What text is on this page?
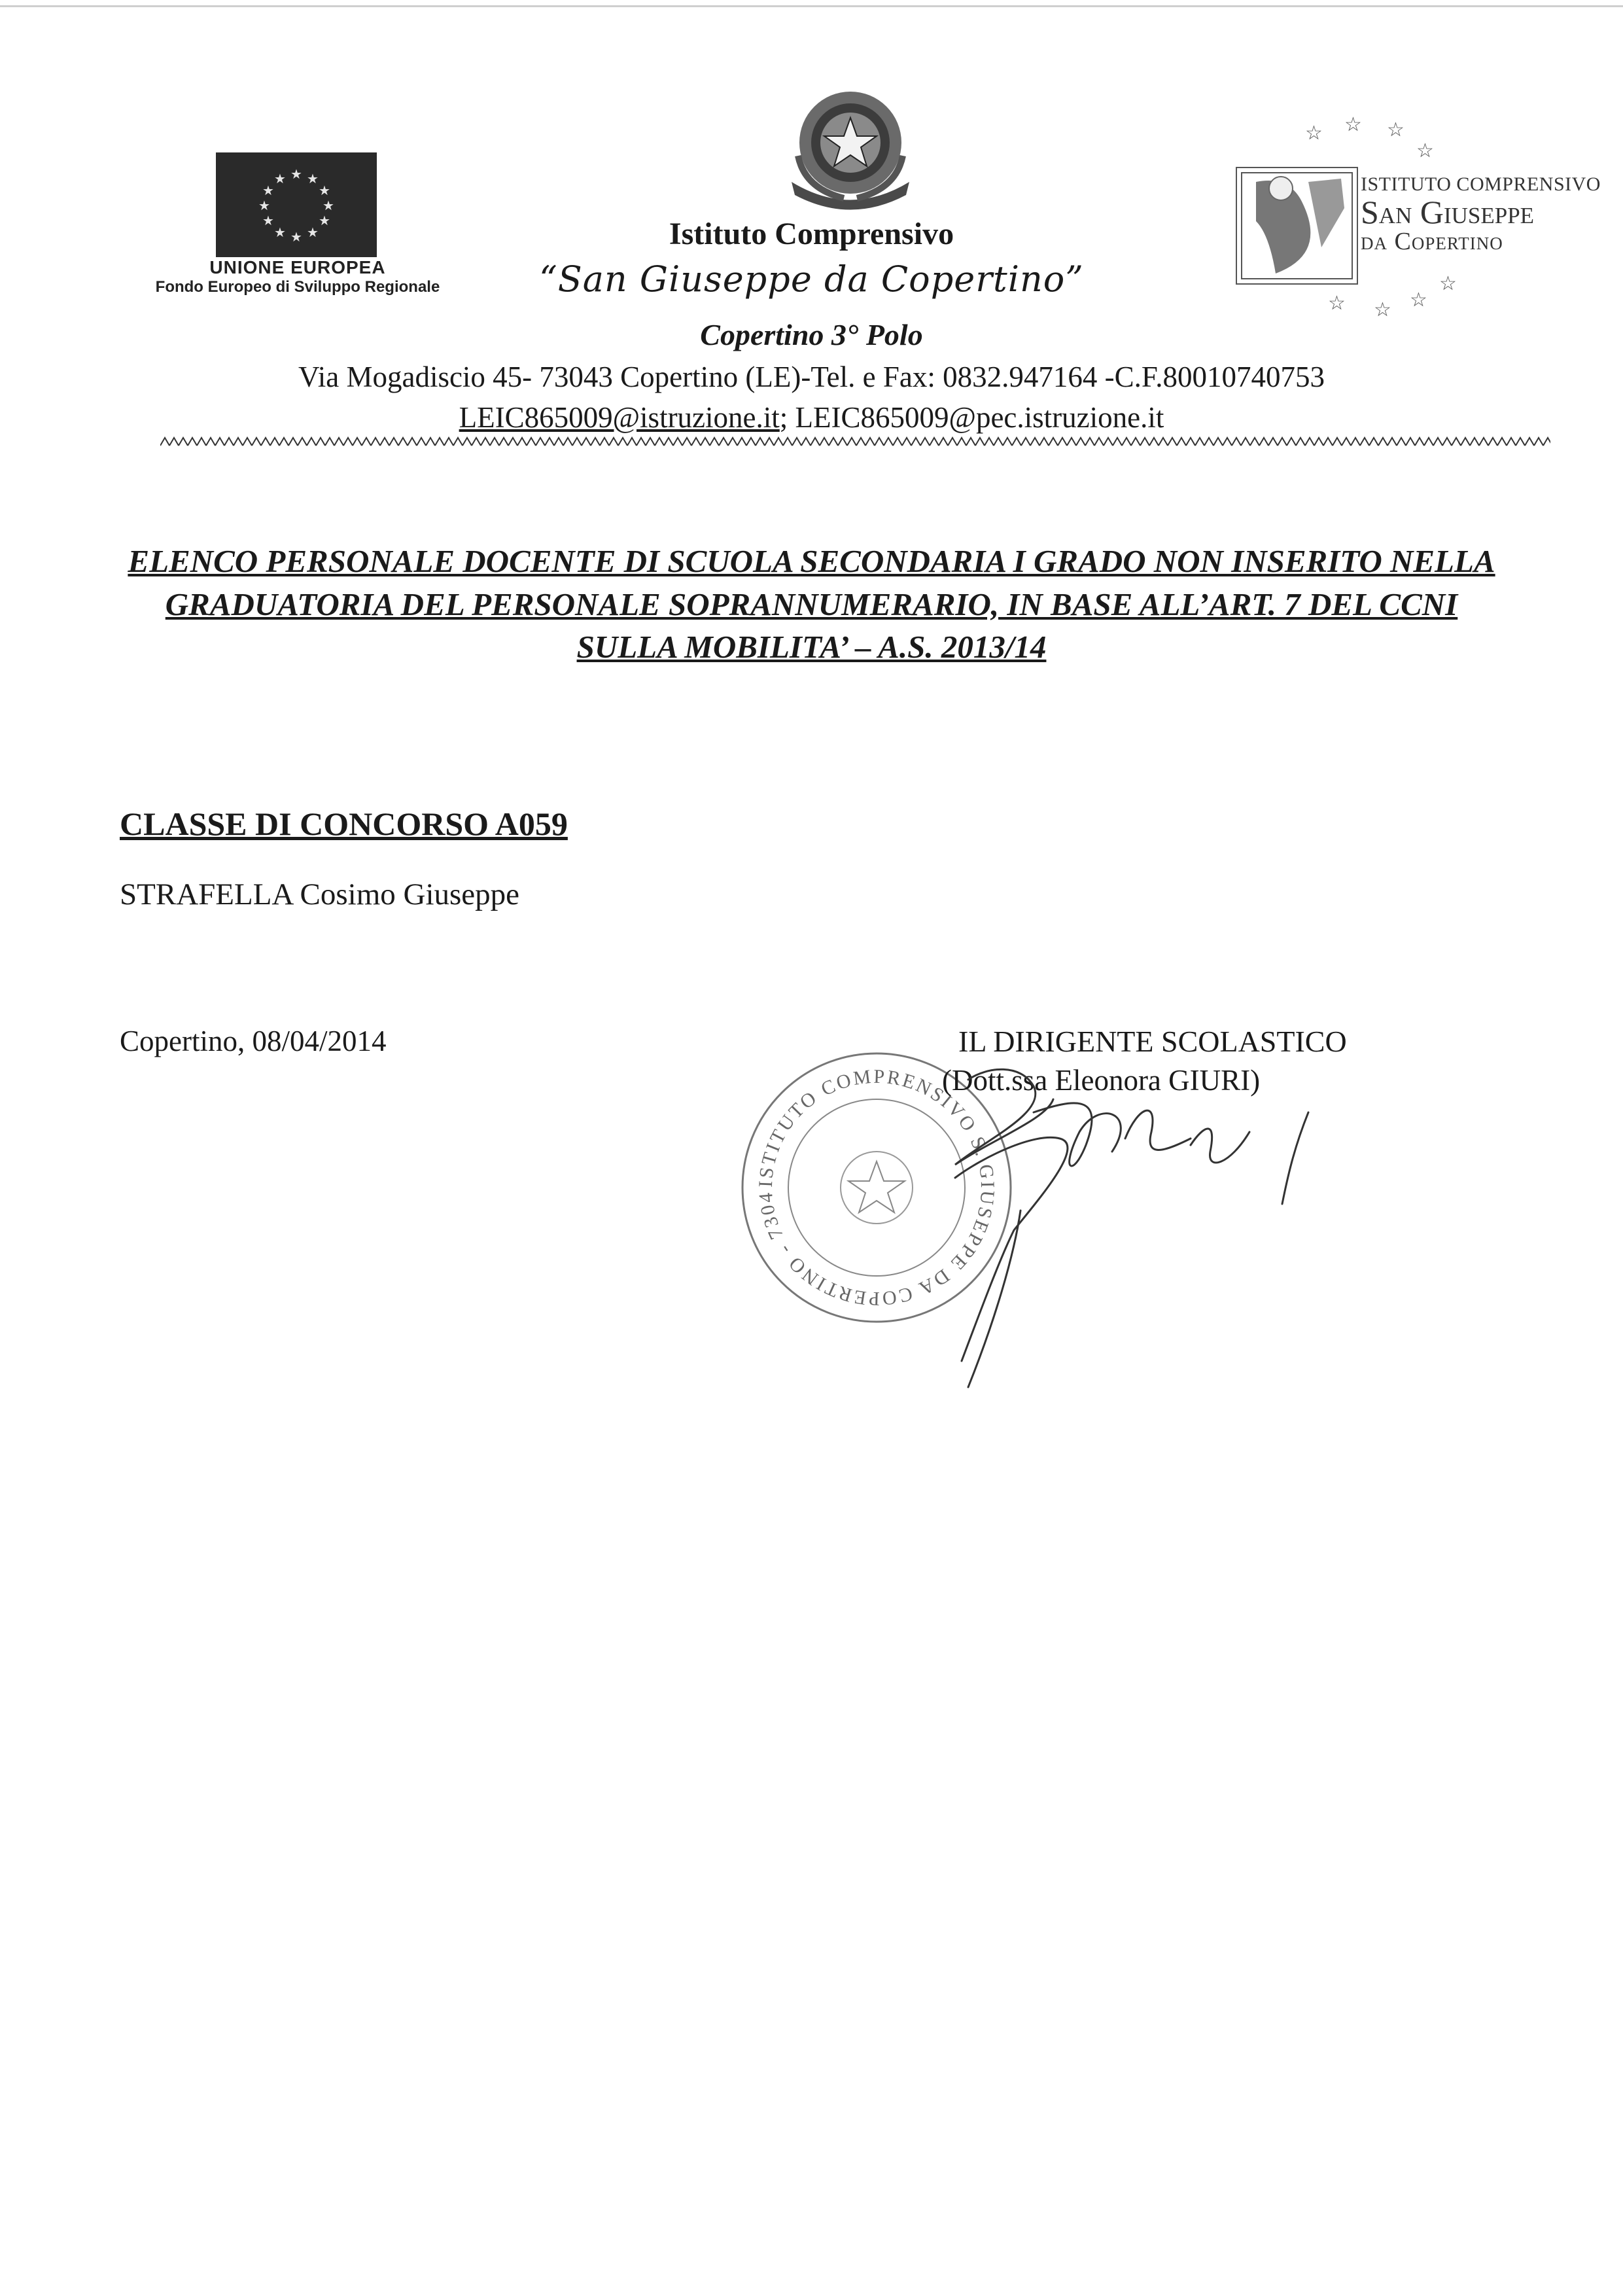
★ ★
★
★
★
★
★
★
★
★
★
★
UNIONE EUROPEA
Fondo Europeo di Sviluppo Regionale
☆ ☆ ☆
☆
☆ ☆ ☆
☆
ISTITUTO COMPRENSIVO
San Giuseppe
da Copertino
Istituto Comprensivo
“San Giuseppe da Copertino”
Copertino 3° Polo
Via Mogadiscio 45- 73043 Copertino (LE)-Tel. e Fax: 0832.947164 -C.F.80010740753
LEIC865009@istruzione.it; LEIC865009@pec.istruzione.it
ELENCO PERSONALE DOCENTE DI SCUOLA SECONDARIA I GRADO NON INSERITO NELLA
GRADUATORIA DEL PERSONALE SOPRANNUMERARIO, IN BASE ALL’ART. 7 DEL CCNI
SULLA MOBILITA’ – A.S. 2013/14
CLASSE DI CONCORSO A059
STRAFELLA Cosimo Giuseppe
Copertino, 08/04/2014
ISTITUTO COMPRENSIVO S. GIUSEPPE DA COPERTINO - 7304
IL DIRIGENTE SCOLASTICO
(Dott.ssa Eleonora GIURI)
